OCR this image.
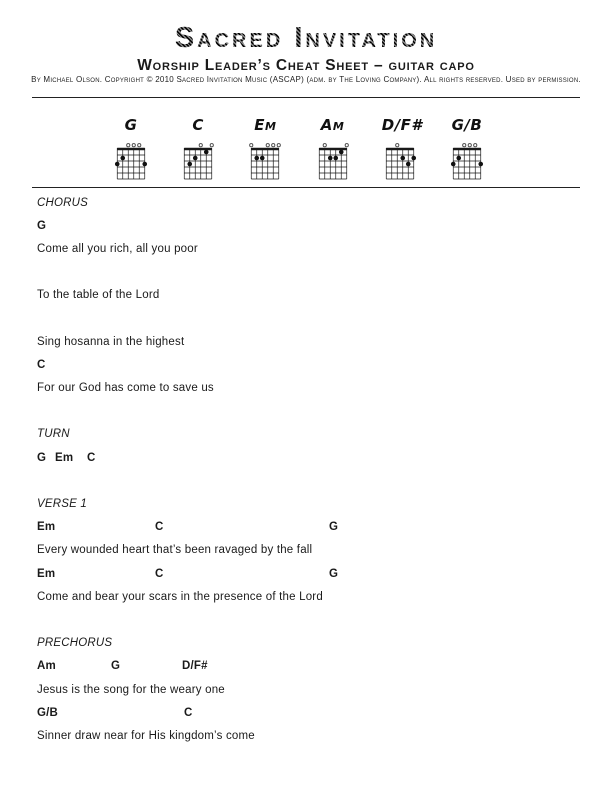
Sacred Invitation
Worship Leader’s Cheat Sheet – guitar capo
By Michael Olson. Copyright © 2010 Sacred Invitation Music (ASCAP) (adm. by The Loving Company). All rights reserved. Used by permission.
G	C	Em	Am	D/F# G/B
CHORUS
G
Come all you rich, all you poor
To the table of the Lord
Sing hosanna in the highest
C
For our God has come to save us
TURN
G Em C
VERSE 1
Em	C	G
Every wounded heart that’s been ravaged by the fall
Em	C	G
Come and bear your scars in the presence of the Lord
PRECHORUS
Am	G	D/F#
Jesus is the song for the weary one
G/B	C
Sinner draw near for His kingdom’s come
